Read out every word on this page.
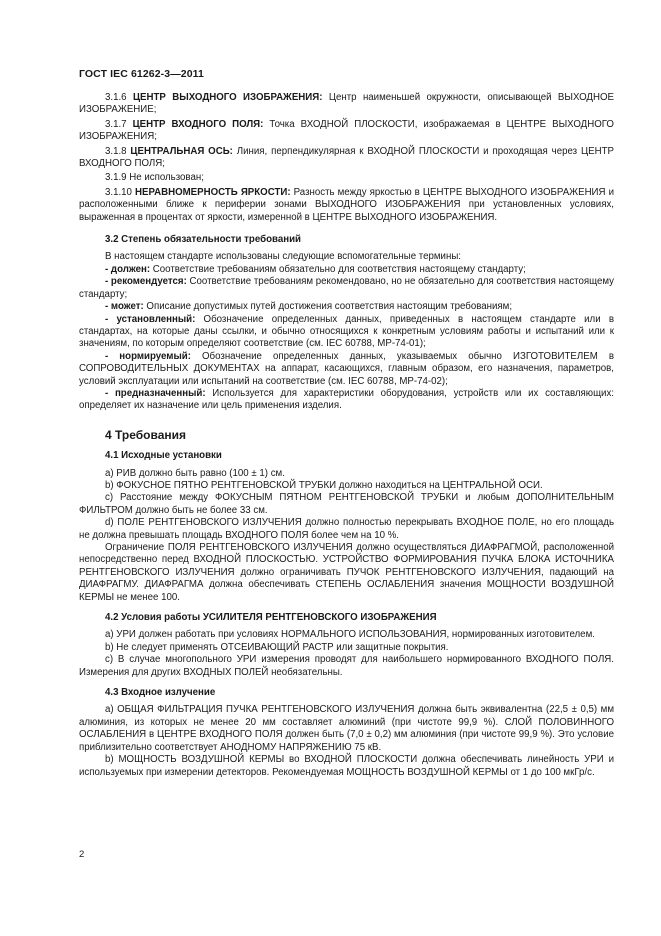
ГОСТ IEC 61262-3—2011

3.1.6 ЦЕНТР ВЫХОДНОГО ИЗОБРАЖЕНИЯ: Центр наименьшей окружности, описывающей ВЫХОДНОЕ ИЗОБРАЖЕНИЕ;

3.1.7 ЦЕНТР ВХОДНОГО ПОЛЯ: Точка ВХОДНОЙ ПЛОСКОСТИ, изображаемая в ЦЕНТРЕ ВЫХОДНОГО ИЗОБРАЖЕНИЯ;

3.1.8 ЦЕНТРАЛЬНАЯ ОСЬ: Линия, перпендикулярная к ВХОДНОЙ ПЛОСКОСТИ и проходящая через ЦЕНТР ВХОДНОГО ПОЛЯ;

3.1.9 Не использован;

3.1.10 НЕРАВНОМЕРНОСТЬ ЯРКОСТИ: Разность между яркостью в ЦЕНТРЕ ВЫХОДНОГО ИЗОБРАЖЕНИЯ и расположенными ближе к периферии зонами ВЫХОДНОГО ИЗОБРАЖЕНИЯ при установленных условиях, выраженная в процентах от яркости, измеренной в ЦЕНТРЕ ВЫХОДНОГО ИЗОБРАЖЕНИЯ.

3.2 Степень обязательности требований

В настоящем стандарте использованы следующие вспомогательные термины:

- должен: Соответствие требованиям обязательно для соответствия настоящему стандарту;

- рекомендуется: Соответствие требованиям рекомендовано, но не обязательно для соответствия настоящему стандарту;

- может: Описание допустимых путей достижения соответствия настоящим требованиям;

- установленный: Обозначение определенных данных, приведенных в настоящем стандарте или в стандартах, на которые даны ссылки, и обычно относящихся к конкретным условиям работы и испытаний или к значениям, по которым определяют соответствие (см. IEC 60788, MP-74-01);

- нормируемый: Обозначение определенных данных, указываемых обычно ИЗГОТОВИТЕЛЕМ в СОПРОВОДИТЕЛЬНЫХ ДОКУМЕНТАХ на аппарат, касающихся, главным образом, его назначения, параметров, условий эксплуатации или испытаний на соответствие (см. IEC 60788, MP-74-02);

- предназначенный: Используется для характеристики оборудования, устройств или их составляющих: определяет их назначение или цель применения изделия.

4 Требования
4.1 Исходные установки

а) РИВ должно быть равно (100 ± 1) см.

b) ФОКУСНОЕ ПЯТНО РЕНТГЕНОВСКОЙ ТРУБКИ должно находиться на ЦЕНТРАЛЬНОЙ ОСИ.

с) Расстояние между ФОКУСНЫМ ПЯТНОМ РЕНТГЕНОВСКОЙ ТРУБКИ и любым ДОПОЛНИТЕЛЬНЫМ ФИЛЬТРОМ должно быть не более 33 см.

d) ПОЛЕ РЕНТГЕНОВСКОГО ИЗЛУЧЕНИЯ должно полностью перекрывать ВХОДНОЕ ПОЛЕ, но его площадь не должна превышать площадь ВХОДНОГО ПОЛЯ более чем на 10 %.

Ограничение ПОЛЯ РЕНТГЕНОВСКОГО ИЗЛУЧЕНИЯ должно осуществляться ДИАФРАГМОЙ, расположенной непосредственно перед ВХОДНОЙ ПЛОСКОСТЬЮ. УСТРОЙСТВО ФОРМИРОВАНИЯ ПУЧКА БЛОКА ИСТОЧНИКА РЕНТГЕНОВСКОГО ИЗЛУЧЕНИЯ должно ограничивать ПУЧОК РЕНТГЕНОВСКОГО ИЗЛУЧЕНИЯ, падающий на ДИАФРАГМУ. ДИАФРАГМА должна обеспечивать СТЕПЕНЬ ОСЛАБЛЕНИЯ значения МОЩНОСТИ ВОЗДУШНОЙ КЕРМЫ не менее 100.

4.2 Условия работы УСИЛИТЕЛЯ РЕНТГЕНОВСКОГО ИЗОБРАЖЕНИЯ

а) УРИ должен работать при условиях НОРМАЛЬНОГО ИСПОЛЬЗОВАНИЯ, нормированных изготовителем.

b) Не следует применять ОТСЕИВАЮЩИЙ РАСТР или защитные покрытия.

с) В случае многопольного УРИ измерения проводят для наибольшего нормированного ВХОДНОГО ПОЛЯ. Измерения для других ВХОДНЫХ ПОЛЕЙ необязательны.

4.3 Входное излучение

а) ОБЩАЯ ФИЛЬТРАЦИЯ ПУЧКА РЕНТГЕНОВСКОГО ИЗЛУЧЕНИЯ должна быть эквивалентна (22,5 ± 0,5) мм алюминия, из которых не менее 20 мм составляет алюминий (при чистоте 99,9 %). СЛОЙ ПОЛОВИННОГО ОСЛАБЛЕНИЯ в ЦЕНТРЕ ВХОДНОГО ПОЛЯ должен быть (7,0 ± 0,2) мм алюминия (при чистоте 99,9 %). Это условие приблизительно соответствует АНОДНОМУ НАПРЯЖЕНИЮ 75 кВ.

b) МОЩНОСТЬ ВОЗДУШНОЙ КЕРМЫ во ВХОДНОЙ ПЛОСКОСТИ должна обеспечивать линейность УРИ и используемых при измерении детекторов. Рекомендуемая МОЩНОСТЬ ВОЗДУШНОЙ КЕРМЫ от 1 до 100 мкГр/с.

2
